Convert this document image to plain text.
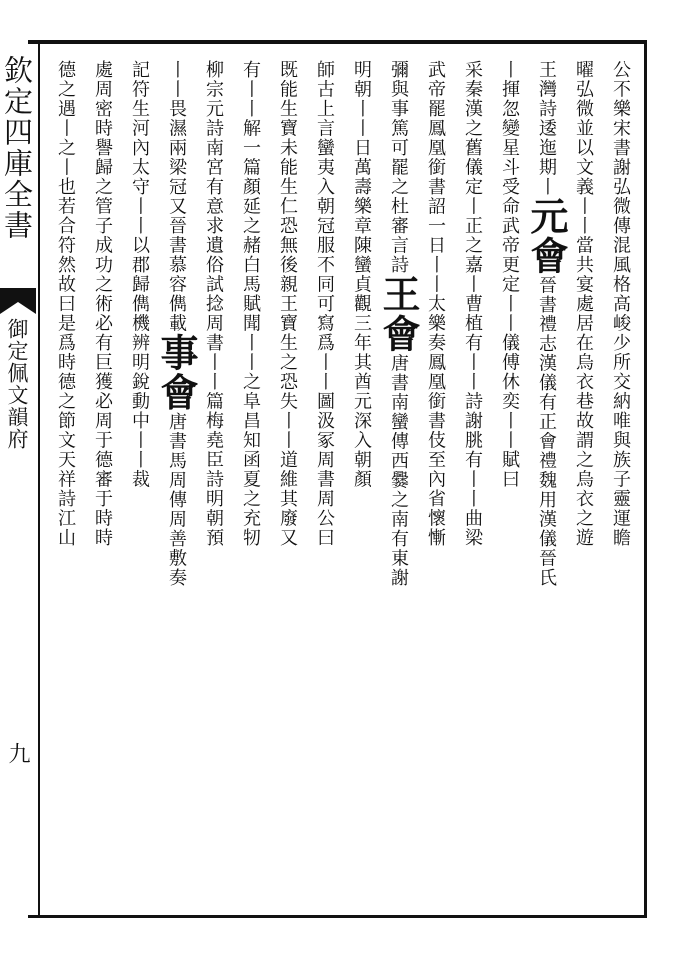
欽定四庫全書
御定佩文韻府
九
公不樂宋書謝弘微傳混風格高峻少所交納唯與族子靈運瞻
曜弘微並以文義丨丨當共宴處居在烏衣巷故謂之烏衣之遊
王灣詩逶迤期丨元會晉書禮志漢儀有正會禮魏用漢儀晉氏
丨揮忽變星斗受命武帝更定丨丨儀傅休奕丨丨賦曰
采秦漢之舊儀定丨正之嘉丨曹植有丨丨詩謝朓有丨丨曲梁
武帝罷鳳凰銜書詔一日丨丨太樂奏鳳凰銜書伎至內省懷慚
彌與事篤可罷之杜審言詩王會唐書南蠻傳西爨之南有東謝
明朝丨丨日萬壽樂章陳蠻貞觀三年其酋元深入朝顏
師古上言蠻夷入朝冠服不同可寫爲丨丨圖汲冢周書周公曰
既能生寶未能生仁恐無後親王寶生之恐失丨丨道維其廢又
有丨丨解一篇顏延之赭白馬賦聞丨丨之阜昌知函夏之充牣
柳宗元詩南宮有意求遺俗試捻周書丨丨篇梅堯臣詩明朝預
丨丨畏濕兩梁冠又晉書慕容儁載事會唐書馬周傳周善敷奏
記符生河內太守丨丨以郡歸儁機辨明銳動中丨丨裁
處周密時譽歸之管子成功之術必有巨獲必周于德審于時時
德之遇丨之丨也若合符然故曰是爲時德之節文天祥詩江山
